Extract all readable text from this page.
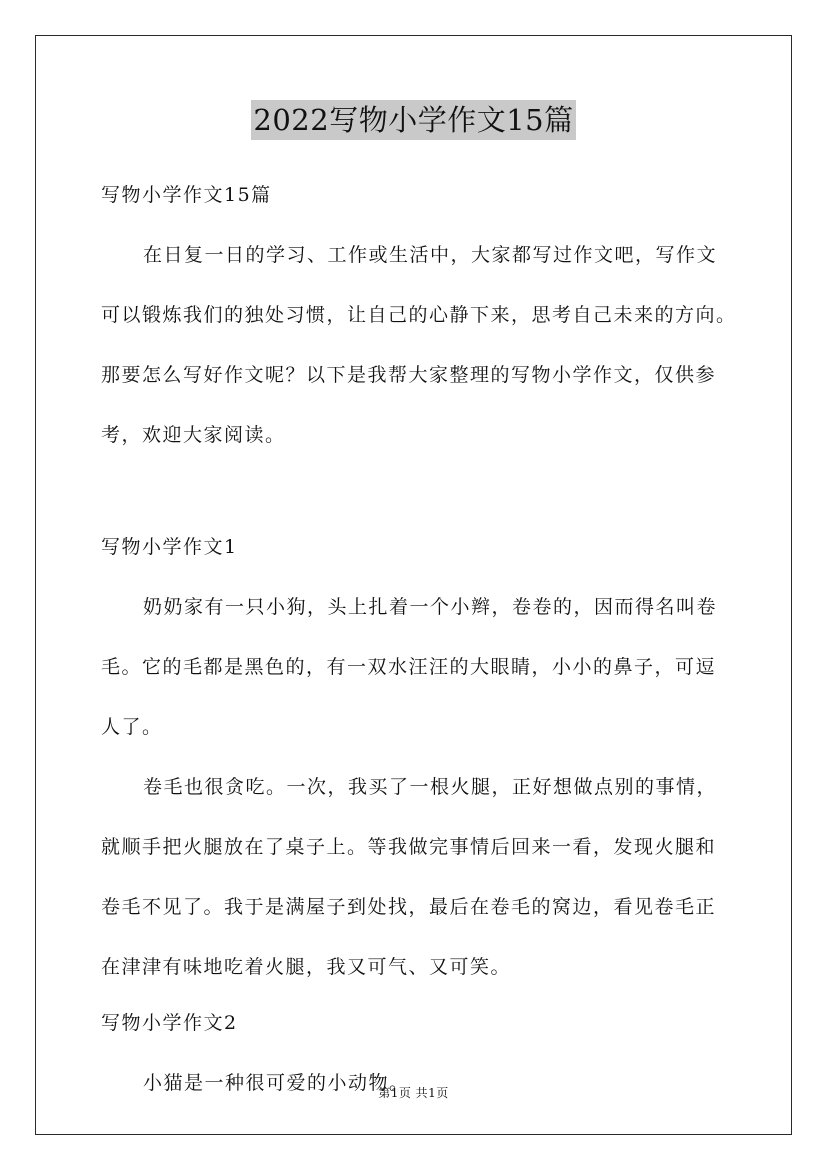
2022写物小学作文15篇
写物小学作文15篇
在日复一日的学习、工作或生活中，大家都写过作文吧，写作文
可以锻炼我们的独处习惯，让自己的心静下来，思考自己未来的方向。
那要怎么写好作文呢？以下是我帮大家整理的写物小学作文，仅供参
考，欢迎大家阅读。
写物小学作文1
奶奶家有一只小狗，头上扎着一个小辫，卷卷的，因而得名叫卷
毛。它的毛都是黑色的，有一双水汪汪的大眼睛，小小的鼻子，可逗
人了。
卷毛也很贪吃。一次，我买了一根火腿，正好想做点别的事情，
就顺手把火腿放在了桌子上。等我做完事情后回来一看，发现火腿和
卷毛不见了。我于是满屋子到处找，最后在卷毛的窝边，看见卷毛正
在津津有味地吃着火腿，我又可气、又可笑。
写物小学作文2
小猫是一种很可爱的小动物。
第1页 共1页
